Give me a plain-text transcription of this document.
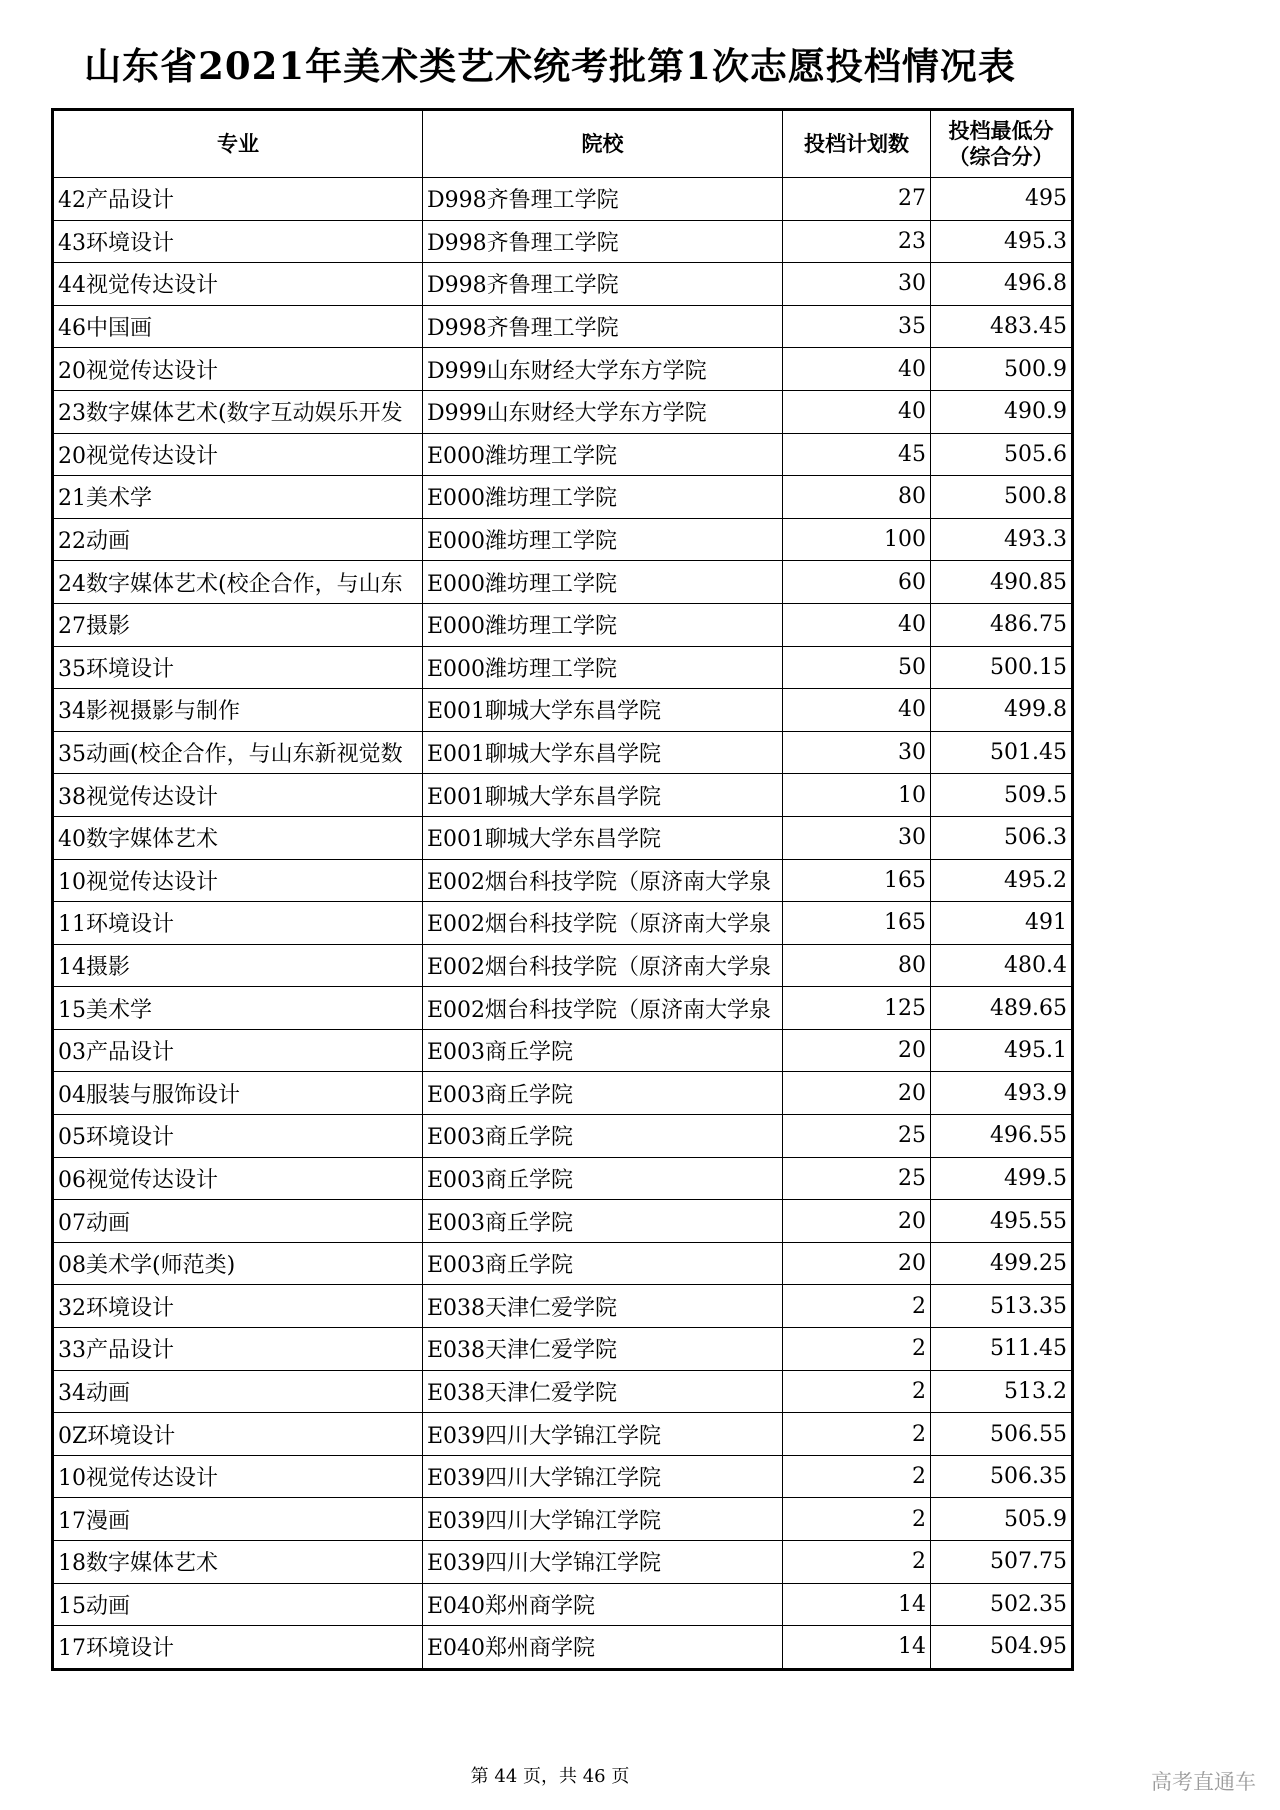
山东省2021年美术类艺术统考批第1次志愿投档情况表
专业	院校	投档计划数	投档最低分
（综合分）

42产品设计	D998齐鲁理工学院	27	495
43环境设计	D998齐鲁理工学院	23	495.3
44视觉传达设计	D998齐鲁理工学院	30	496.8
46中国画	D998齐鲁理工学院	35	483.45
20视觉传达设计	D999山东财经大学东方学院	40	500.9
23数字媒体艺术(数字互动娱乐开发	D999山东财经大学东方学院	40	490.9
20视觉传达设计	E000潍坊理工学院	45	505.6
21美术学	E000潍坊理工学院	80	500.8
22动画	E000潍坊理工学院	100	493.3
24数字媒体艺术(校企合作，与山东	E000潍坊理工学院	60	490.85
27摄影	E000潍坊理工学院	40	486.75
35环境设计	E000潍坊理工学院	50	500.15
34影视摄影与制作	E001聊城大学东昌学院	40	499.8
35动画(校企合作，与山东新视觉数	E001聊城大学东昌学院	30	501.45
38视觉传达设计	E001聊城大学东昌学院	10	509.5
40数字媒体艺术	E001聊城大学东昌学院	30	506.3
10视觉传达设计	E002烟台科技学院（原济南大学泉	165	495.2
11环境设计	E002烟台科技学院（原济南大学泉	165	491
14摄影	E002烟台科技学院（原济南大学泉	80	480.4
15美术学	E002烟台科技学院（原济南大学泉	125	489.65
03产品设计	E003商丘学院	20	495.1
04服装与服饰设计	E003商丘学院	20	493.9
05环境设计	E003商丘学院	25	496.55
06视觉传达设计	E003商丘学院	25	499.5
07动画	E003商丘学院	20	495.55
08美术学(师范类)	E003商丘学院	20	499.25
32环境设计	E038天津仁爱学院	2	513.35
33产品设计	E038天津仁爱学院	2	511.45
34动画	E038天津仁爱学院	2	513.2
0Z环境设计	E039四川大学锦江学院	2	506.55
10视觉传达设计	E039四川大学锦江学院	2	506.35
17漫画	E039四川大学锦江学院	2	505.9
18数字媒体艺术	E039四川大学锦江学院	2	507.75
15动画	E040郑州商学院	14	502.35
17环境设计	E040郑州商学院	14	504.95
第 44 页，共 46 页	高考直通车
